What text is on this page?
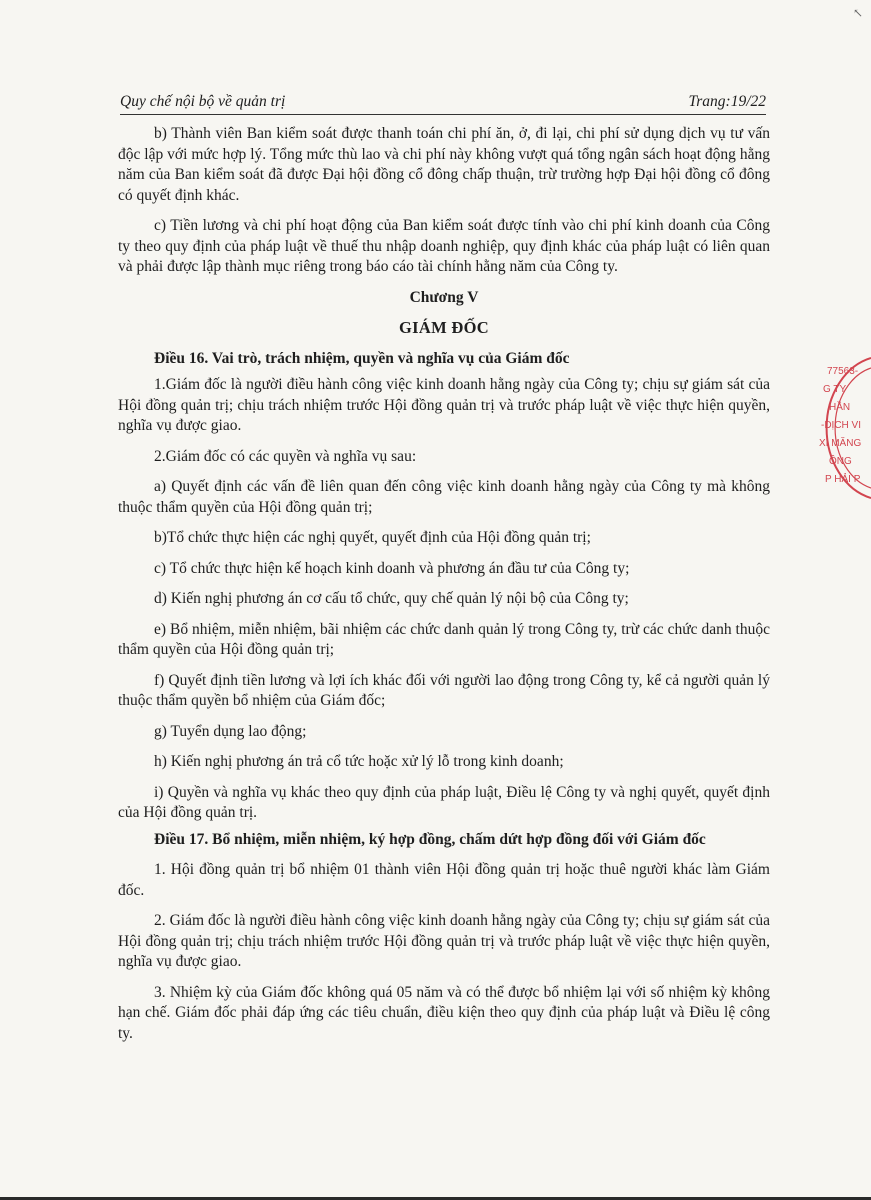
↖
Quy chế nội bộ về quản trị	Trang:19/22

b) Thành viên Ban kiểm soát được thanh toán chi phí ăn, ở, đi lại, chi phí sử dụng dịch vụ tư vấn độc lập với mức hợp lý. Tổng mức thù lao và chi phí này không vượt quá tổng ngân sách hoạt động hằng năm của Ban kiểm soát đã được Đại hội đồng cổ đông chấp thuận, trừ trường hợp Đại hội đồng cổ đông có quyết định khác.

c) Tiền lương và chi phí hoạt động của Ban kiểm soát được tính vào chi phí kinh doanh của Công ty theo quy định của pháp luật về thuế thu nhập doanh nghiệp, quy định khác của pháp luật có liên quan và phải được lập thành mục riêng trong báo cáo tài chính hằng năm của Công ty.

Chương V

GIÁM ĐỐC

Điều 16. Vai trò, trách nhiệm, quyền và nghĩa vụ của Giám đốc

1.Giám đốc là người điều hành công việc kinh doanh hằng ngày của Công ty; chịu sự giám sát của Hội đồng quản trị; chịu trách nhiệm trước Hội đồng quản trị và trước pháp luật về việc thực hiện quyền, nghĩa vụ được giao.

2.Giám đốc có các quyền và nghĩa vụ sau:

a) Quyết định các vấn đề liên quan đến công việc kinh doanh hằng ngày của Công ty mà không thuộc thẩm quyền của Hội đồng quản trị;

b)Tổ chức thực hiện các nghị quyết, quyết định của Hội đồng quản trị;

c) Tổ chức thực hiện kế hoạch kinh doanh và phương án đầu tư của Công ty;

d) Kiến nghị phương án cơ cấu tổ chức, quy chế quản lý nội bộ của Công ty;

e) Bổ nhiệm, miễn nhiệm, bãi nhiệm các chức danh quản lý trong Công ty, trừ các chức danh thuộc thẩm quyền của Hội đồng quản trị;

f) Quyết định tiền lương và lợi ích khác đối với người lao động trong Công ty, kể cả người quản lý thuộc thẩm quyền bổ nhiệm của Giám đốc;

g) Tuyển dụng lao động;

h) Kiến nghị phương án trả cổ tức hoặc xử lý lỗ trong kinh doanh;

i) Quyền và nghĩa vụ khác theo quy định của pháp luật, Điều lệ Công ty và nghị quyết, quyết định của Hội đồng quản trị.

Điều 17. Bổ nhiệm, miễn nhiệm, ký hợp đồng, chấm dứt hợp đồng đối với Giám đốc

1. Hội đồng quản trị bổ nhiệm 01 thành viên Hội đồng quản trị hoặc thuê người khác làm Giám đốc.

2. Giám đốc là người điều hành công việc kinh doanh hằng ngày của Công ty; chịu sự giám sát của Hội đồng quản trị; chịu trách nhiệm trước Hội đồng quản trị và trước pháp luật về việc thực hiện quyền, nghĩa vụ được giao.

3. Nhiệm kỳ của Giám đốc không quá 05 năm và có thể được bổ nhiệm lại với số nhiệm kỳ không hạn chế. Giám đốc phải đáp ứng các tiêu chuẩn, điều kiện theo quy định của pháp luật và Điều lệ công ty.

77563-
G TY
HẦN
-DỊCH VI
XI MĂNG
ÔNG
P HẢI P
